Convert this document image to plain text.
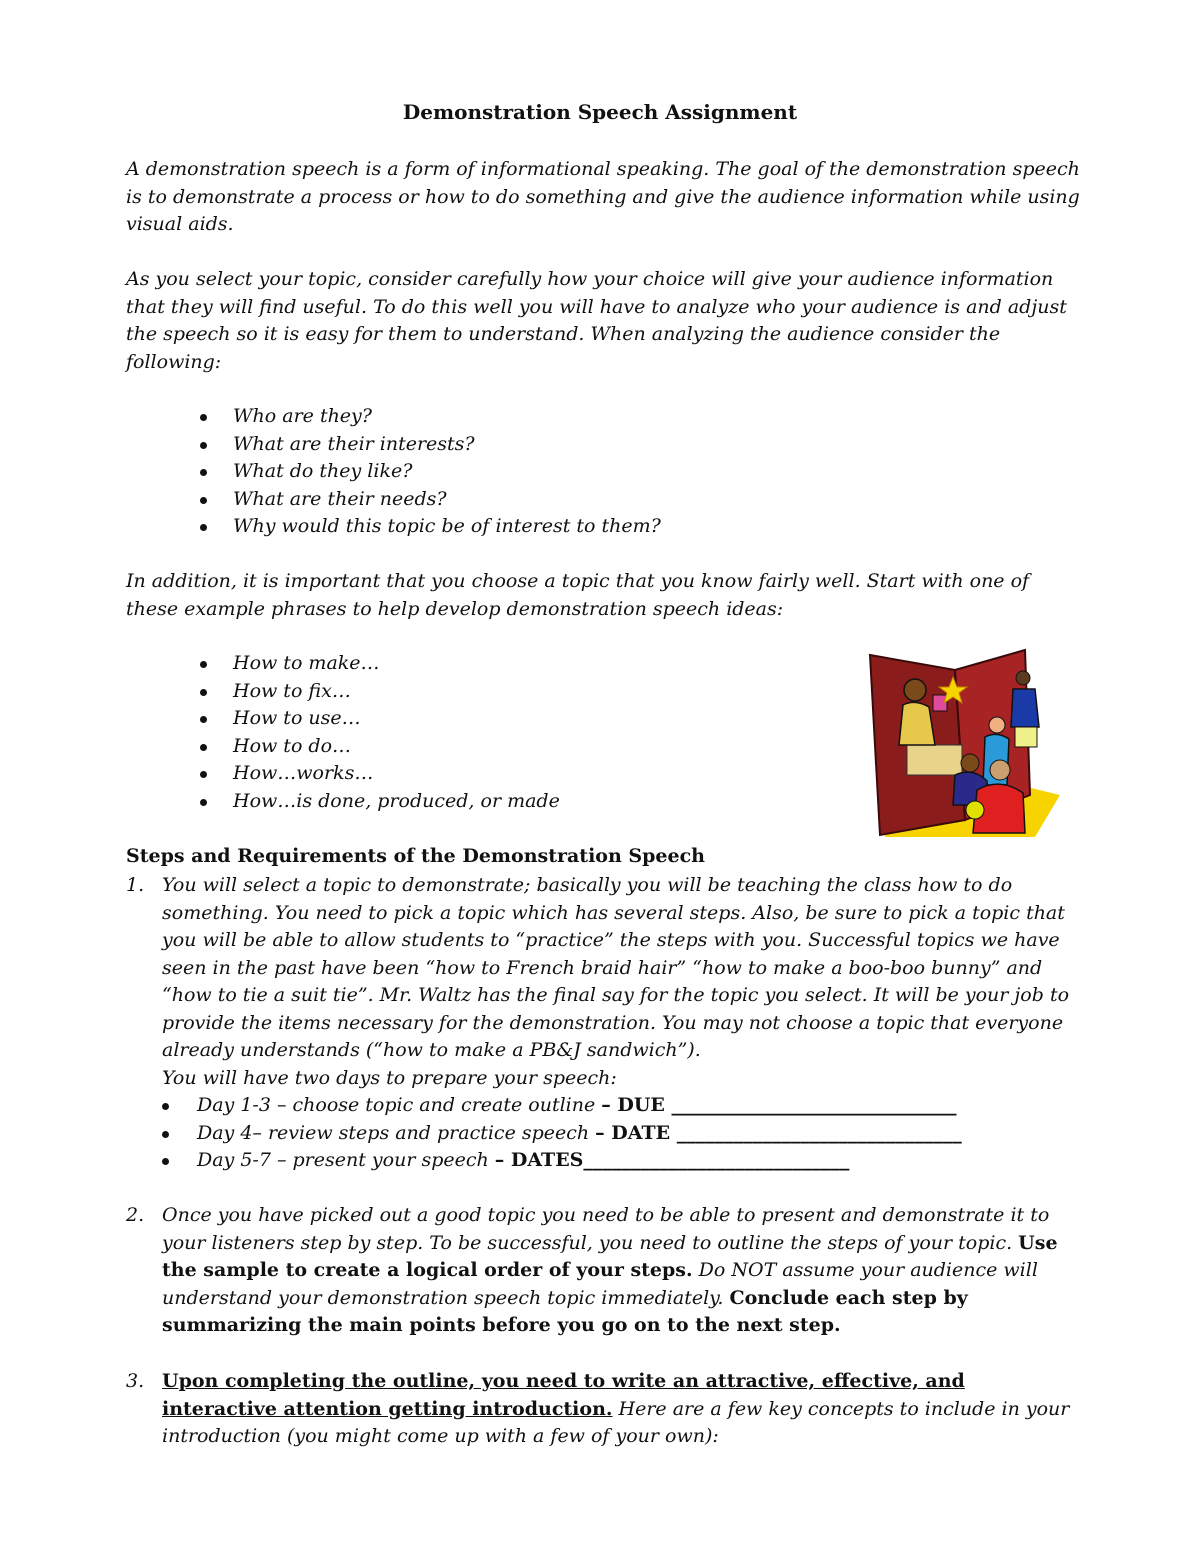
Demonstration Speech Assignment

A demonstration speech is a form of informational speaking. The goal of the demonstration speech is to demonstrate a process or how to do something and give the audience information while using visual aids.

As you select your topic, consider carefully how your choice will give your audience information that they will find useful. To do this well you will have to analyze who your audience is and adjust the speech so it is easy for them to understand. When analyzing the audience consider the following:

Who are they?
What are their interests?
What do they like?
What are their needs?
Why would this topic be of interest to them?

In addition, it is important that you choose a topic that you know fairly well. Start with one of these example phrases to help develop demonstration speech ideas:

How to make…
How to fix…
How to use…
How to do…
How…works…
How…is done, produced, or made
Steps and Requirements of the Demonstration Speech
1. You will select a topic to demonstrate; basically you will be teaching the class how to do something. You need to pick a topic which has several steps. Also, be sure to pick a topic that you will be able to allow students to “practice” the steps with you. Successful topics we have seen in the past have been “how to French braid hair” “how to make a boo-boo bunny” and “how to tie a suit tie”. Mr. Waltz has the final say for the topic you select. It will be your job to provide the items necessary for the demonstration. You may not choose a topic that everyone already understands (“how to make a PB&J sandwich”).

You will have two days to prepare your speech:

Day 1-3 – choose topic and create outline – DUE ______________________________
Day 4– review steps and practice speech – DATE ______________________________
Day 5-7 – present your speech – DATES____________________________
2. Once you have picked out a good topic you need to be able to present and demonstrate it to your listeners step by step. To be successful, you need to outline the steps of your topic. Use the sample to create a logical order of your steps. Do NOT assume your audience will understand your demonstration speech topic immediately. Conclude each step by summarizing the main points before you go on to the next step.

3. Upon completing the outline, you need to write an attractive, effective, and interactive attention getting introduction. Here are a few key concepts to include in your introduction (you might come up with a few of your own):
